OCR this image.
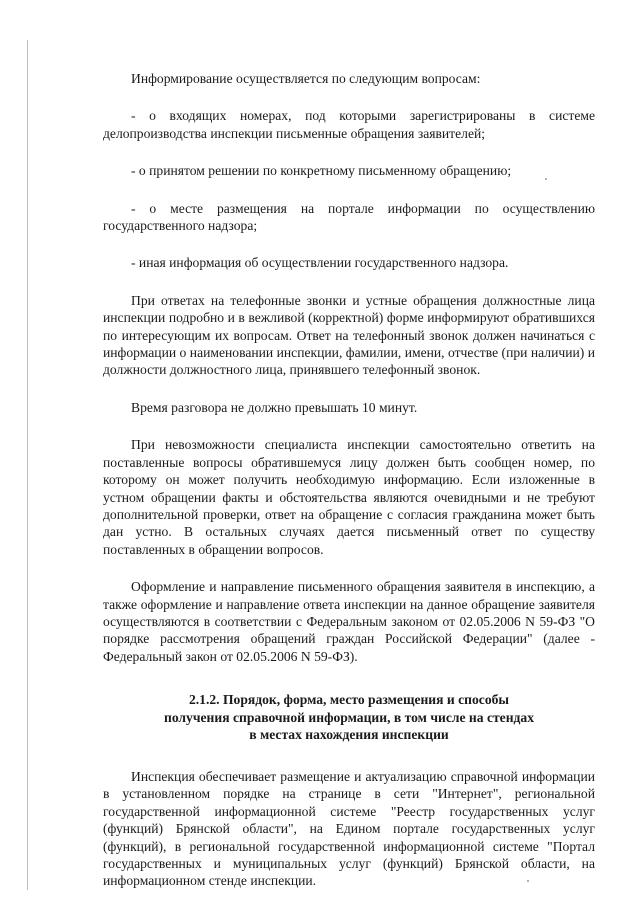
Информирование осуществляется по следующим вопросам:

- о входящих номерах, под которыми зарегистрированы в системе делопроизводства инспекции письменные обращения заявителей;

- о принятом решении по конкретному письменному обращению;

- о месте размещения на портале информации по осуществлению государственного надзора;

- иная информация об осуществлении государственного надзора.

При ответах на телефонные звонки и устные обращения должностные лица инспекции подробно и в вежливой (корректной) форме информируют обратившихся по интересующим их вопросам. Ответ на телефонный звонок должен начинаться с информации о наименовании инспекции, фамилии, имени, отчестве (при наличии) и должности должностного лица, принявшего телефонный звонок.

Время разговора не должно превышать 10 минут.

При невозможности специалиста инспекции самостоятельно ответить на поставленные вопросы обратившемуся лицу должен быть сообщен номер, по которому он может получить необходимую информацию. Если изложенные в устном обращении факты и обстоятельства являются очевидными и не требуют дополнительной проверки, ответ на обращение с согласия гражданина может быть дан устно. В остальных случаях дается письменный ответ по существу поставленных в обращении вопросов.

Оформление и направление письменного обращения заявителя в инспекцию, а также оформление и направление ответа инспекции на данное обращение заявителя осуществляются в соответствии с Федеральным законом от 02.05.2006 N 59-ФЗ "О порядке рассмотрения обращений граждан Российской Федерации" (далее - Федеральный закон от 02.05.2006 N 59-ФЗ).

2.1.2. Порядок, форма, место размещения и способы
получения справочной информации, в том числе на стендах
в местах нахождения инспекции

Инспекция обеспечивает размещение и актуализацию справочной информации в установленном порядке на странице в сети "Интернет", региональной государственной информационной системе "Реестр государственных услуг (функций) Брянской области", на Едином портале государственных услуг (функций), в региональной государственной информационной системе "Портал государственных и муниципальных услуг (функций) Брянской области, на информационном стенде инспекции.
